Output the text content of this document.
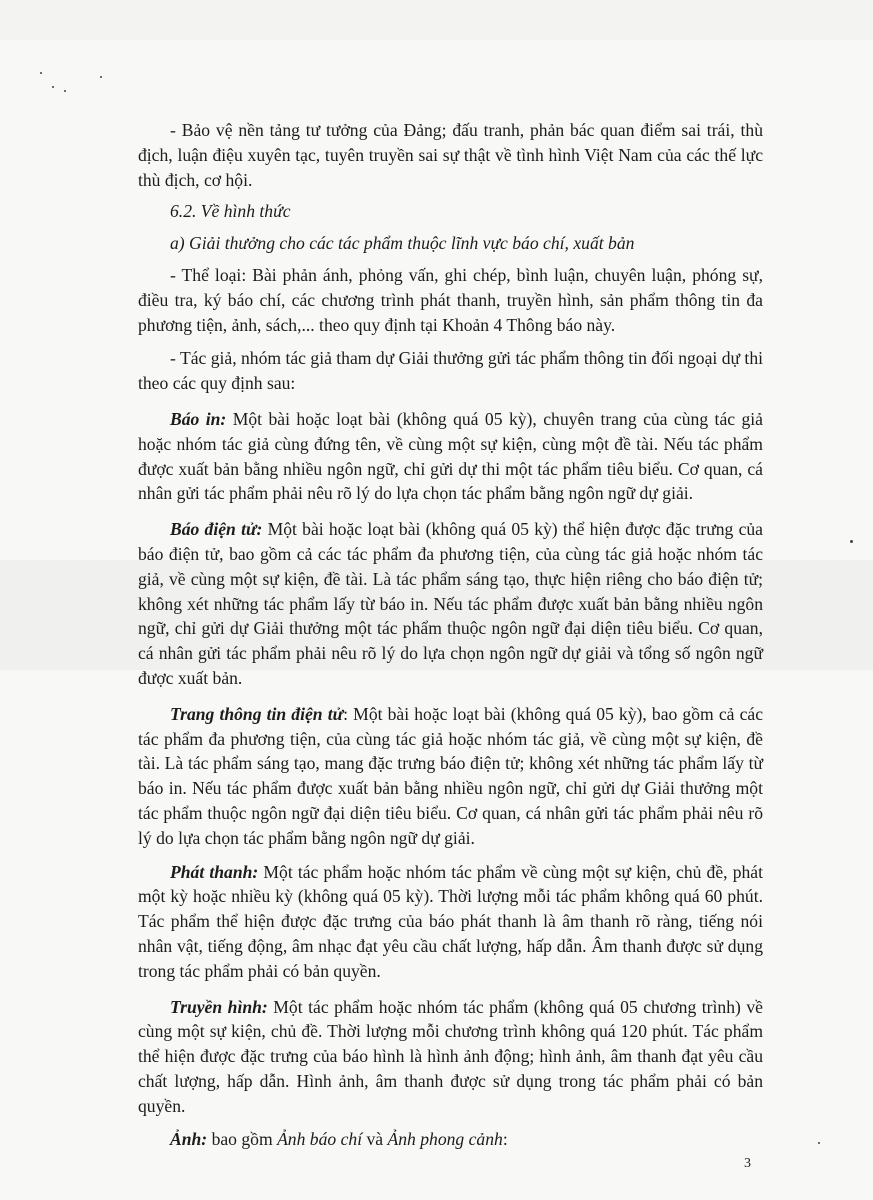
- Bảo vệ nền tảng tư tưởng của Đảng; đấu tranh, phản bác quan điểm sai trái, thù địch, luận điệu xuyên tạc, tuyên truyền sai sự thật về tình hình Việt Nam của các thế lực thù địch, cơ hội.

6.2. Về hình thức

a) Giải thưởng cho các tác phẩm thuộc lĩnh vực báo chí, xuất bản

- Thể loại: Bài phản ánh, phỏng vấn, ghi chép, bình luận, chuyên luận, phóng sự, điều tra, ký báo chí, các chương trình phát thanh, truyền hình, sản phẩm thông tin đa phương tiện, ảnh, sách,... theo quy định tại Khoản 4 Thông báo này.

- Tác giả, nhóm tác giả tham dự Giải thưởng gửi tác phẩm thông tin đối ngoại dự thi theo các quy định sau:

Báo in: Một bài hoặc loạt bài (không quá 05 kỳ), chuyên trang của cùng tác giả hoặc nhóm tác giả cùng đứng tên, về cùng một sự kiện, cùng một đề tài. Nếu tác phẩm được xuất bản bằng nhiều ngôn ngữ, chỉ gửi dự thi một tác phẩm tiêu biểu. Cơ quan, cá nhân gửi tác phẩm phải nêu rõ lý do lựa chọn tác phẩm bằng ngôn ngữ dự giải.

Báo điện tử: Một bài hoặc loạt bài (không quá 05 kỳ) thể hiện được đặc trưng của báo điện tử, bao gồm cả các tác phẩm đa phương tiện, của cùng tác giả hoặc nhóm tác giả, về cùng một sự kiện, đề tài. Là tác phẩm sáng tạo, thực hiện riêng cho báo điện tử; không xét những tác phẩm lấy từ báo in. Nếu tác phẩm được xuất bản bằng nhiều ngôn ngữ, chỉ gửi dự Giải thưởng một tác phẩm thuộc ngôn ngữ đại diện tiêu biểu. Cơ quan, cá nhân gửi tác phẩm phải nêu rõ lý do lựa chọn ngôn ngữ dự giải và tổng số ngôn ngữ được xuất bản.

Trang thông tin điện tử: Một bài hoặc loạt bài (không quá 05 kỳ), bao gồm cả các tác phẩm đa phương tiện, của cùng tác giả hoặc nhóm tác giả, về cùng một sự kiện, đề tài. Là tác phẩm sáng tạo, mang đặc trưng báo điện tử; không xét những tác phẩm lấy từ báo in. Nếu tác phẩm được xuất bản bằng nhiều ngôn ngữ, chỉ gửi dự Giải thưởng một tác phẩm thuộc ngôn ngữ đại diện tiêu biểu. Cơ quan, cá nhân gửi tác phẩm phải nêu rõ lý do lựa chọn tác phẩm bằng ngôn ngữ dự giải.

Phát thanh: Một tác phẩm hoặc nhóm tác phẩm về cùng một sự kiện, chủ đề, phát một kỳ hoặc nhiều kỳ (không quá 05 kỳ). Thời lượng mỗi tác phẩm không quá 60 phút. Tác phẩm thể hiện được đặc trưng của báo phát thanh là âm thanh rõ ràng, tiếng nói nhân vật, tiếng động, âm nhạc đạt yêu cầu chất lượng, hấp dẫn. Âm thanh được sử dụng trong tác phẩm phải có bản quyền.

Truyền hình: Một tác phẩm hoặc nhóm tác phẩm (không quá 05 chương trình) về cùng một sự kiện, chủ đề. Thời lượng mỗi chương trình không quá 120 phút. Tác phẩm thể hiện được đặc trưng của báo hình là hình ảnh động; hình ảnh, âm thanh đạt yêu cầu chất lượng, hấp dẫn. Hình ảnh, âm thanh được sử dụng trong tác phẩm phải có bản quyền.

Ảnh: bao gồm Ảnh báo chí và Ảnh phong cảnh:

3
